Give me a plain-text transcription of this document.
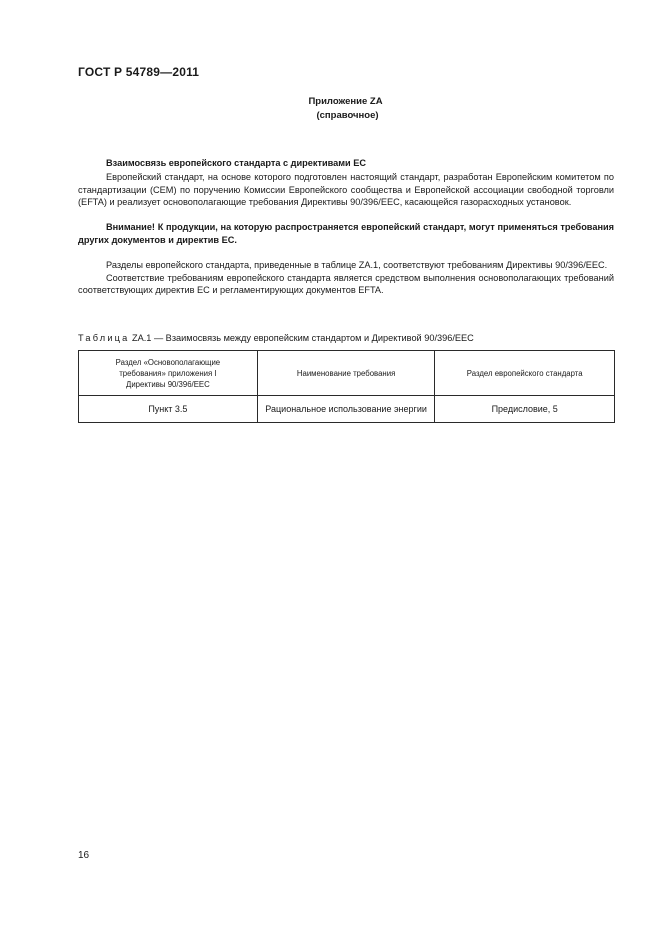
ГОСТ Р 54789—2011
Приложение ZA
(справочное)

Взаимосвязь европейского стандарта с директивами ЕС

Европейский стандарт, на основе которого подготовлен настоящий стандарт, разработан Европейским комитетом по стандартизации (CEM) по поручению Комиссии Европейского сообщества и Европейской ассоциации свободной торговли (EFTA) и реализует основополагающие требования Директивы 90/396/EEC, касающейся газорасходных установок.

Внимание! К продукции, на которую распространяется европейский стандарт, могут применяться требования других документов и директив ЕС.

Разделы европейского стандарта, приведенные в таблице ZA.1, соответствуют требованиям Директивы 90/396/EEC.

Соответствие требованиям европейского стандарта является средством выполнения основополагающих требований соответствующих директив ЕС и регламентирующих документов EFTA.

Таблица ZA.1 — Взаимосвязь между европейским стандартом и Директивой 90/396/EEC
Раздел «Основополагающие требования» приложения I Директивы 90/396/EEC	Наименование требования	Раздел европейского стандарта
Пункт 3.5	Рациональное использование энергии	Предисловие, 5
16
